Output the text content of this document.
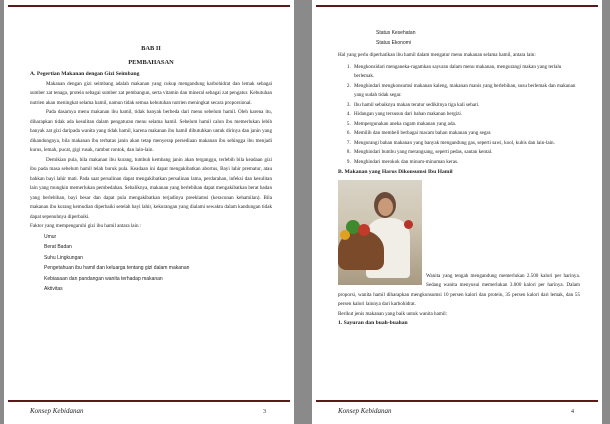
BAB II
PEMBAHASAN
A. Pegertian Makanan dengan Gizi Seimbang

Makanan dengan gizi seimbang adalah makanan yang cukup mengandung karbohidrat dan lemak sebagai sumber zat tenaga, protein sebagai sumber zat pembangun, serta vitamin dan mineral sebagai zat pengatur. Kebutuhan nutrien akan meningkat selama hamil, namun tidak semua kebutuhan nutrien meningkat secara proporsional.

Pada dasarnya menu makanan ibu hamil, tidak banyak berbeda dari menu sebelum hamil. Oleh karena itu, diharapkan tidak ada kesulitan dalam pengaturan menu selama hamil. Sebelum hamil calon ibu memerlukan lebih banyak zat gizi daripada wanita yang tidak hamil, karena makanan ibu hamil dibutuhkan untuk dirinya dan janin yang dikandungnya, bila makanan ibu terbatas janin akan tetap menyerap persediaan makanan ibu sehingga ibu menjadi kurus, lemah, pucat, gigi rusak, rambut rontok, dan lain-lain.

Demikian pula, bila makanan ibu kurang, tumbuh kembang janin akan terganggu, terlebih bila keadaan gizi ibu pada masa sebelum hamil telah buruk pula. Keadaan ini dapat mengakibatkan abortus, Bayi lahir prematur, atau bahkan bayi lahir mati. Pada saat persalinan dapat mengakibatkan persalinan lama, perdarahan, infeksi dan kesulitan lain yang mungkin memerlukan pembedahan. Sebaliknya, makanan yang berlebihan dapat mengakibatkan berat badan yang berlebihan, bayi besar dan dapat pula mengakibatkan terjadinya preeklamsi (keracunan kehamilan). Bila makanan ibu kurang kemudian diperbaiki setelah bayi lahir, kekurangan yang dialami sewaktu dalam kandungan tidak dapat sepenuhnya diperbaiki.

Faktor yang mempengaruhi gizi ibu hamil antara lain :

Umur
Berat Badan
Suhu Lingkungan
Pengetahuan ibu hamil dan keluarga tentang gizi dalam makanan
Kebiasaan dan pandangan wanita terhadap makanan
Aktivitas
Konsep Kebidanan	3
Status Kesehatan
Status Ekonomi

Hal yang perlu diperhatikan ibu hamil dalam mengatur menu makanan selama hamil, antara lain:

1. Mengkonsidari menganeka-ragamkan sayuran dalam menu makanan, mengurangi makan yang terlalu berlemak.
2. Menghindari mengkonsumsi makanan kaleng, makanan manis yang berlebihan, susu berlemak dan makanan yang sudah tidak segar.
3. Ibu hamil sebaiknya makan teratur sedikitnya tiga kali sehari.
4. Hidangan yang tersusun dari bahan makanan bergizi.
5. Mempergunakan aneka ragam makanan yang ada.
6. Memilih dan membeli berbagai macam bahan makanan yang segar.
7. Mengurangi bahan makanan yang banyak mengandung gas, seperti sawi, kool, kubis dan lain-lain.
8. Menghindari bumbu yang merangsang, seperti pedas, santan kental.
9. Menghindari merokok dan minum-minuman keras.
B. Makanan yang Harus Dikonsumsi Ibu Hamil

Wanita yang tengah mengandung memerlukan 2.500 kalori per harinya. Sedang wanita menyusui memerlukan 3.000 kalori per harinya. Dalam proporsi, wanita hamil diharapkan mengkonsumsi 10 persen kalori dan protein, 35 persen kalori dari lemak, dan 55 persen kalori lainnya dari karbohidrat.

Berikut jenis makanan yang baik untuk wanita hamil:

1. Sayuran dan buah-buahan
Konsep Kebidanan	4
